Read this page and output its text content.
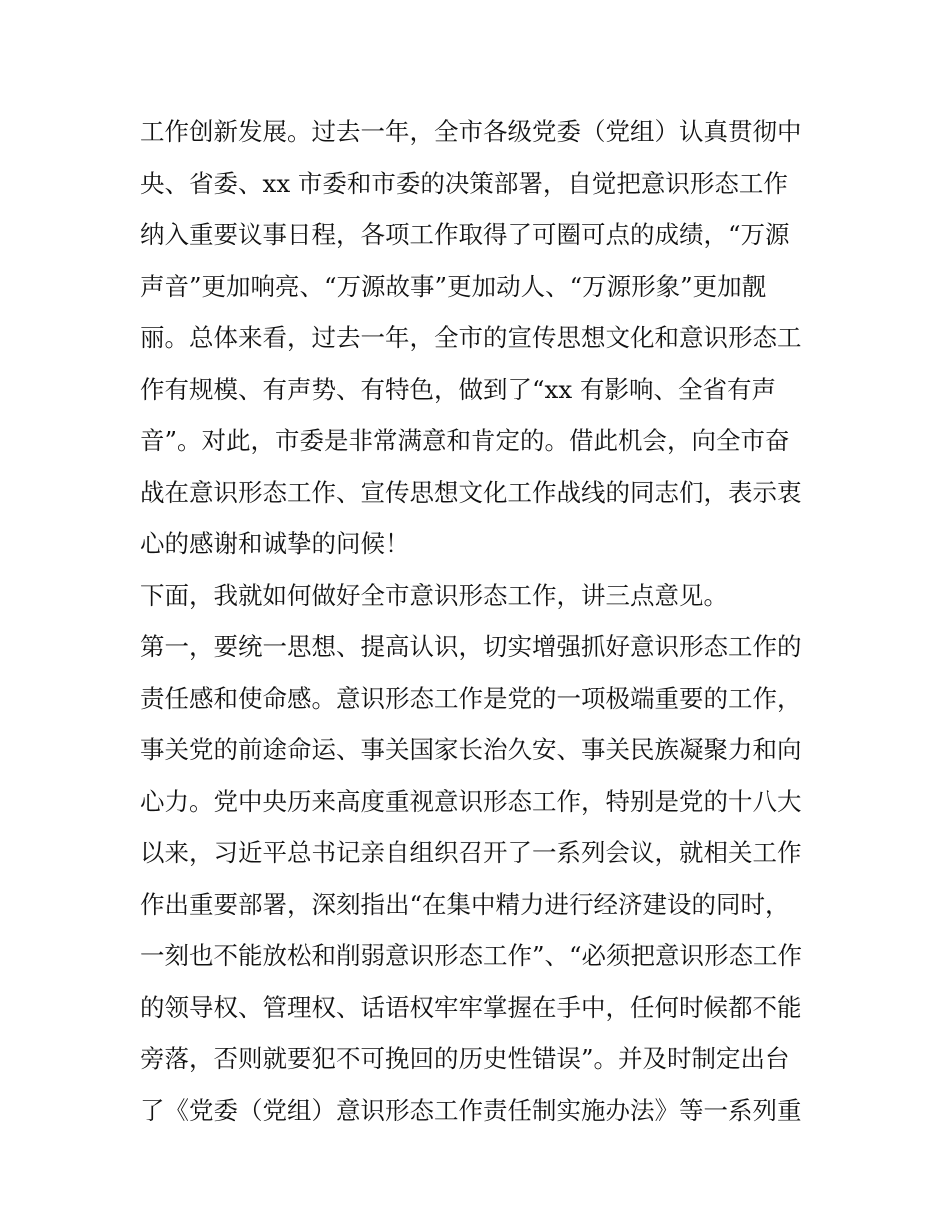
工作创新发展。过去一年，全市各级党委（党组）认真贯彻中
央、省委、xx 市委和市委的决策部署，自觉把意识形态工作
纳入重要议事日程，各项工作取得了可圈可点的成绩，“万源
声音”更加响亮、“万源故事”更加动人、“万源形象”更加靓
丽。总体来看，过去一年，全市的宣传思想文化和意识形态工
作有规模、有声势、有特色，做到了“xx 有影响、全省有声
音”。对此，市委是非常满意和肯定的。借此机会，向全市奋
战在意识形态工作、宣传思想文化工作战线的同志们，表示衷
心的感谢和诚挚的问候！
下面，我就如何做好全市意识形态工作，讲三点意见。
第一，要统一思想、提高认识，切实增强抓好意识形态工作的
责任感和使命感。意识形态工作是党的一项极端重要的工作，
事关党的前途命运、事关国家长治久安、事关民族凝聚力和向
心力。党中央历来高度重视意识形态工作，特别是党的十八大
以来，习近平总书记亲自组织召开了一系列会议，就相关工作
作出重要部署，深刻指出“在集中精力进行经济建设的同时，
一刻也不能放松和削弱意识形态工作”、“必须把意识形态工作
的领导权、管理权、话语权牢牢掌握在手中，任何时候都不能
旁落，否则就要犯不可挽回的历史性错误”。并及时制定出台
了《党委（党组）意识形态工作责任制实施办法》等一系列重
